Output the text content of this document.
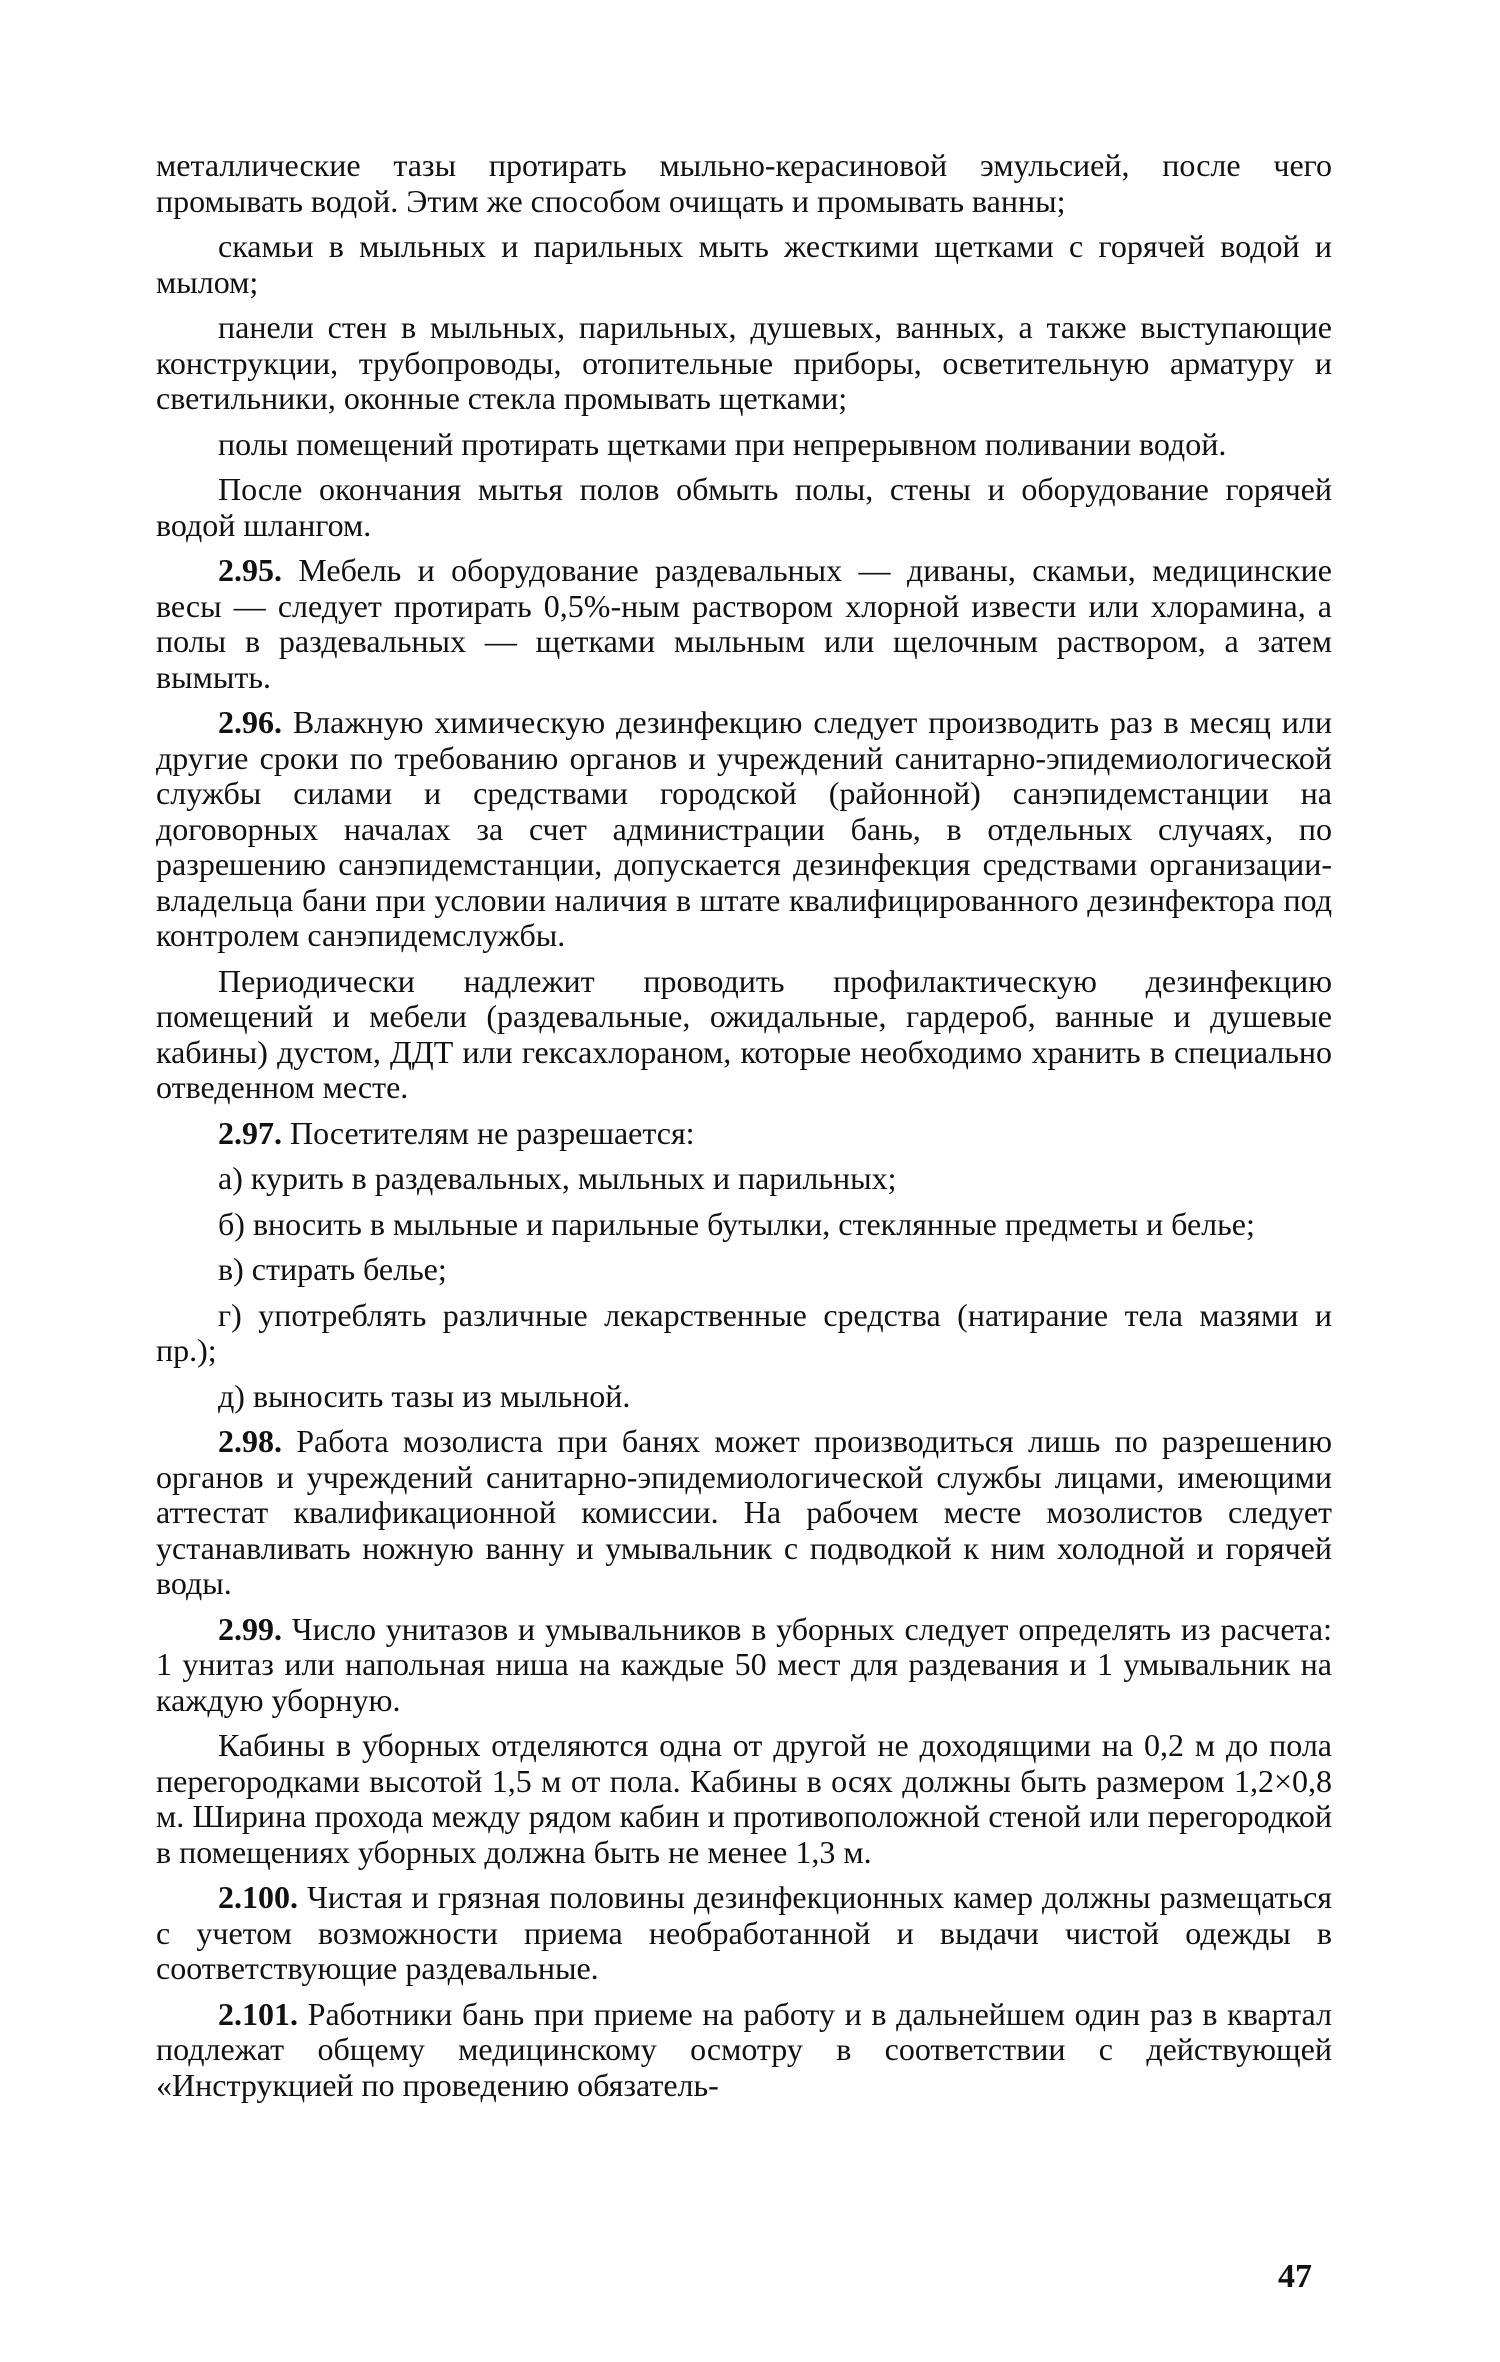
металлические тазы протирать мыльно-керасиновой эмульсией, после чего промывать водой. Этим же способом очищать и промывать ванны;

скамьи в мыльных и парильных мыть жесткими щетками с горячей водой и мылом;

панели стен в мыльных, парильных, душевых, ванных, а также выступающие конструкции, трубопроводы, отопительные приборы, осветительную арматуру и светильники, оконные стекла промывать щетками;

полы помещений протирать щетками при непрерывном поливании водой.

После окончания мытья полов обмыть полы, стены и оборудование горячей водой шлангом.

2.95. Мебель и оборудование раздевальных — диваны, скамьи, медицинские весы — следует протирать 0,5%-ным раствором хлорной извести или хлорамина, а полы в раздевальных — щетками мыльным или щелочным раствором, а затем вымыть.

2.96. Влажную химическую дезинфекцию следует производить раз в месяц или другие сроки по требованию органов и учреждений санитарно-эпидемиологической службы силами и средствами городской (районной) санэпидемстанции на договорных началах за счет администрации бань, в отдельных случаях, по разрешению санэпидемстанции, допускается дезинфекция средствами организации-владельца бани при условии наличия в штате квалифицированного дезинфектора под контролем санэпидемслужбы.

Периодически надлежит проводить профилактическую дезинфекцию помещений и мебели (раздевальные, ожидальные, гардероб, ванные и душевые кабины) дустом, ДДТ или гексахлораном, которые необходимо хранить в специально отведенном месте.

2.97. Посетителям не разрешается:

а) курить в раздевальных, мыльных и парильных;

б) вносить в мыльные и парильные бутылки, стеклянные предметы и белье;

в) стирать белье;

г) употреблять различные лекарственные средства (натирание тела мазями и пр.);

д) выносить тазы из мыльной.

2.98. Работа мозолиста при банях может производиться лишь по разрешению органов и учреждений санитарно-эпидемиологической службы лицами, имеющими аттестат квалификационной комиссии. На рабочем месте мозолистов следует устанавливать ножную ванну и умывальник с подводкой к ним холодной и горячей воды.

2.99. Число унитазов и умывальников в уборных следует определять из расчета: 1 унитаз или напольная ниша на каждые 50 мест для раздевания и 1 умывальник на каждую уборную.

Кабины в уборных отделяются одна от другой не доходящими на 0,2 м до пола перегородками высотой 1,5 м от пола. Кабины в осях должны быть размером 1,2×0,8 м. Ширина прохода между рядом кабин и противоположной стеной или перегородкой в помещениях уборных должна быть не менее 1,3 м.

2.100. Чистая и грязная половины дезинфекционных камер должны размещаться с учетом возможности приема необработанной и выдачи чистой одежды в соответствующие раздевальные.

2.101. Работники бань при приеме на работу и в дальнейшем один раз в квартал подлежат общему медицинскому осмотру в соответствии с действующей «Инструкцией по проведению обязатель-

47
